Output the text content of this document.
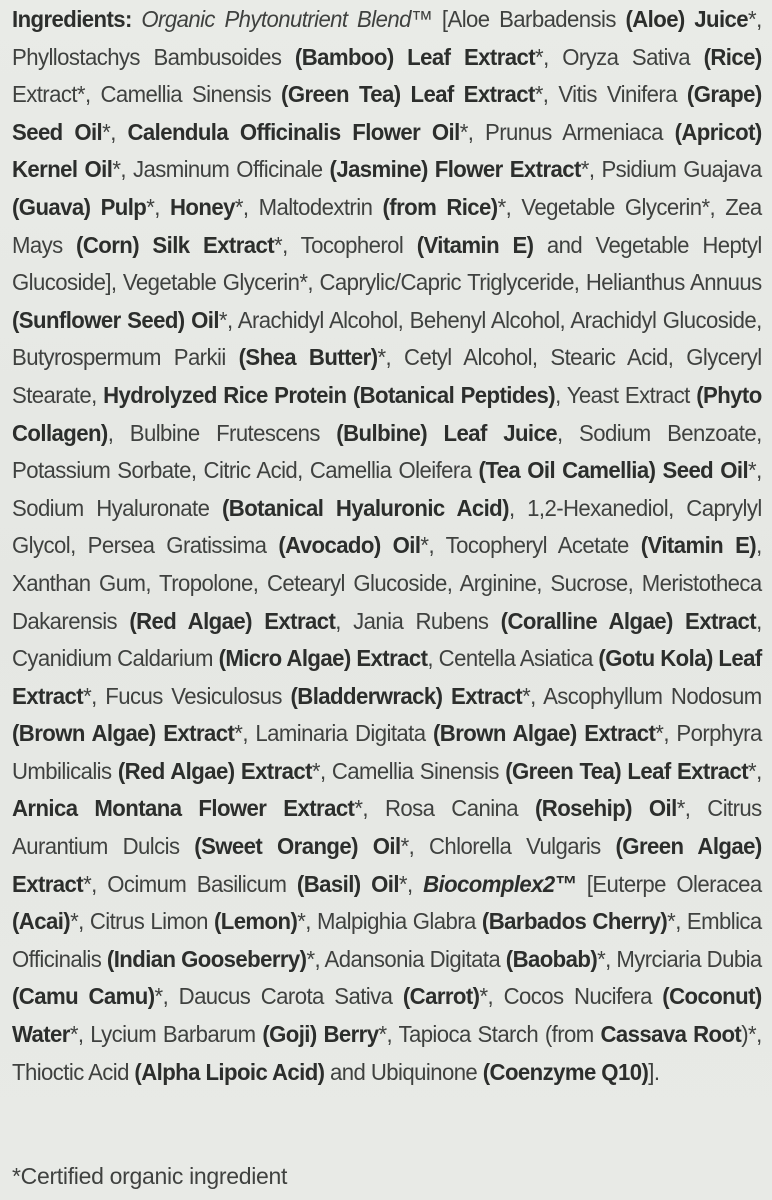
Ingredients: Organic Phytonutrient Blend™ [Aloe Barbadensis (Aloe) Juice*, Phyllostachys Bambusoides (Bamboo) Leaf Extract*, Oryza Sativa (Rice) Extract*, Camellia Sinensis (Green Tea) Leaf Extract*, Vitis Vinifera (Grape) Seed Oil*, Calendula Officinalis Flower Oil*, Prunus Armeniaca (Apricot) Kernel Oil*, Jasminum Officinale (Jasmine) Flower Extract*, Psidium Guajava (Guava) Pulp*, Honey*, Maltodextrin (from Rice)*, Vegetable Glycerin*, Zea Mays (Corn) Silk Extract*, Tocopherol (Vitamin E) and Vegetable Heptyl Glucoside], Vegetable Glycerin*, Caprylic/Capric Triglyceride, Helianthus Annuus (Sunflower Seed) Oil*, Arachidyl Alcohol, Behenyl Alcohol, Arachidyl Glucoside, Butyrospermum Parkii (Shea Butter)*, Cetyl Alcohol, Stearic Acid, Glyceryl Stearate, Hydrolyzed Rice Protein (Botanical Peptides), Yeast Extract (Phyto Collagen), Bulbine Frutescens (Bulbine) Leaf Juice, Sodium Benzoate, Potassium Sorbate, Citric Acid, Camellia Oleifera (Tea Oil Camellia) Seed Oil*, Sodium Hyaluronate (Botanical Hyaluronic Acid), 1,2-Hexanediol, Caprylyl Glycol, Persea Gratissima (Avocado) Oil*, Tocopheryl Acetate (Vitamin E), Xanthan Gum, Tropolone, Cetearyl Glucoside, Arginine, Sucrose, Meristotheca Dakarensis (Red Algae) Extract, Jania Rubens (Coralline Algae) Extract, Cyanidium Caldarium (Micro Algae) Extract, Centella Asiatica (Gotu Kola) Leaf Extract*, Fucus Vesiculosus (Bladderwrack) Extract*, Ascophyllum Nodosum (Brown Algae) Extract*, Laminaria Digitata (Brown Algae) Extract*, Porphyra Umbilicalis (Red Algae) Extract*, Camellia Sinensis (Green Tea) Leaf Extract*, Arnica Montana Flower Extract*, Rosa Canina (Rosehip) Oil*, Citrus Aurantium Dulcis (Sweet Orange) Oil*, Chlorella Vulgaris (Green Algae) Extract*, Ocimum Basilicum (Basil) Oil*, Biocomplex2™ [Euterpe Oleracea (Acai)*, Citrus Limon (Lemon)*, Malpighia Glabra (Barbados Cherry)*, Emblica Officinalis (Indian Gooseberry)*, Adansonia Digitata (Baobab)*, Myrciaria Dubia (Camu Camu)*, Daucus Carota Sativa (Carrot)*, Cocos Nucifera (Coconut) Water*, Lycium Barbarum (Goji) Berry*, Tapioca Starch (from Cassava Root)*, Thioctic Acid (Alpha Lipoic Acid) and Ubiquinone (Coenzyme Q10)].

*Certified organic ingredient
